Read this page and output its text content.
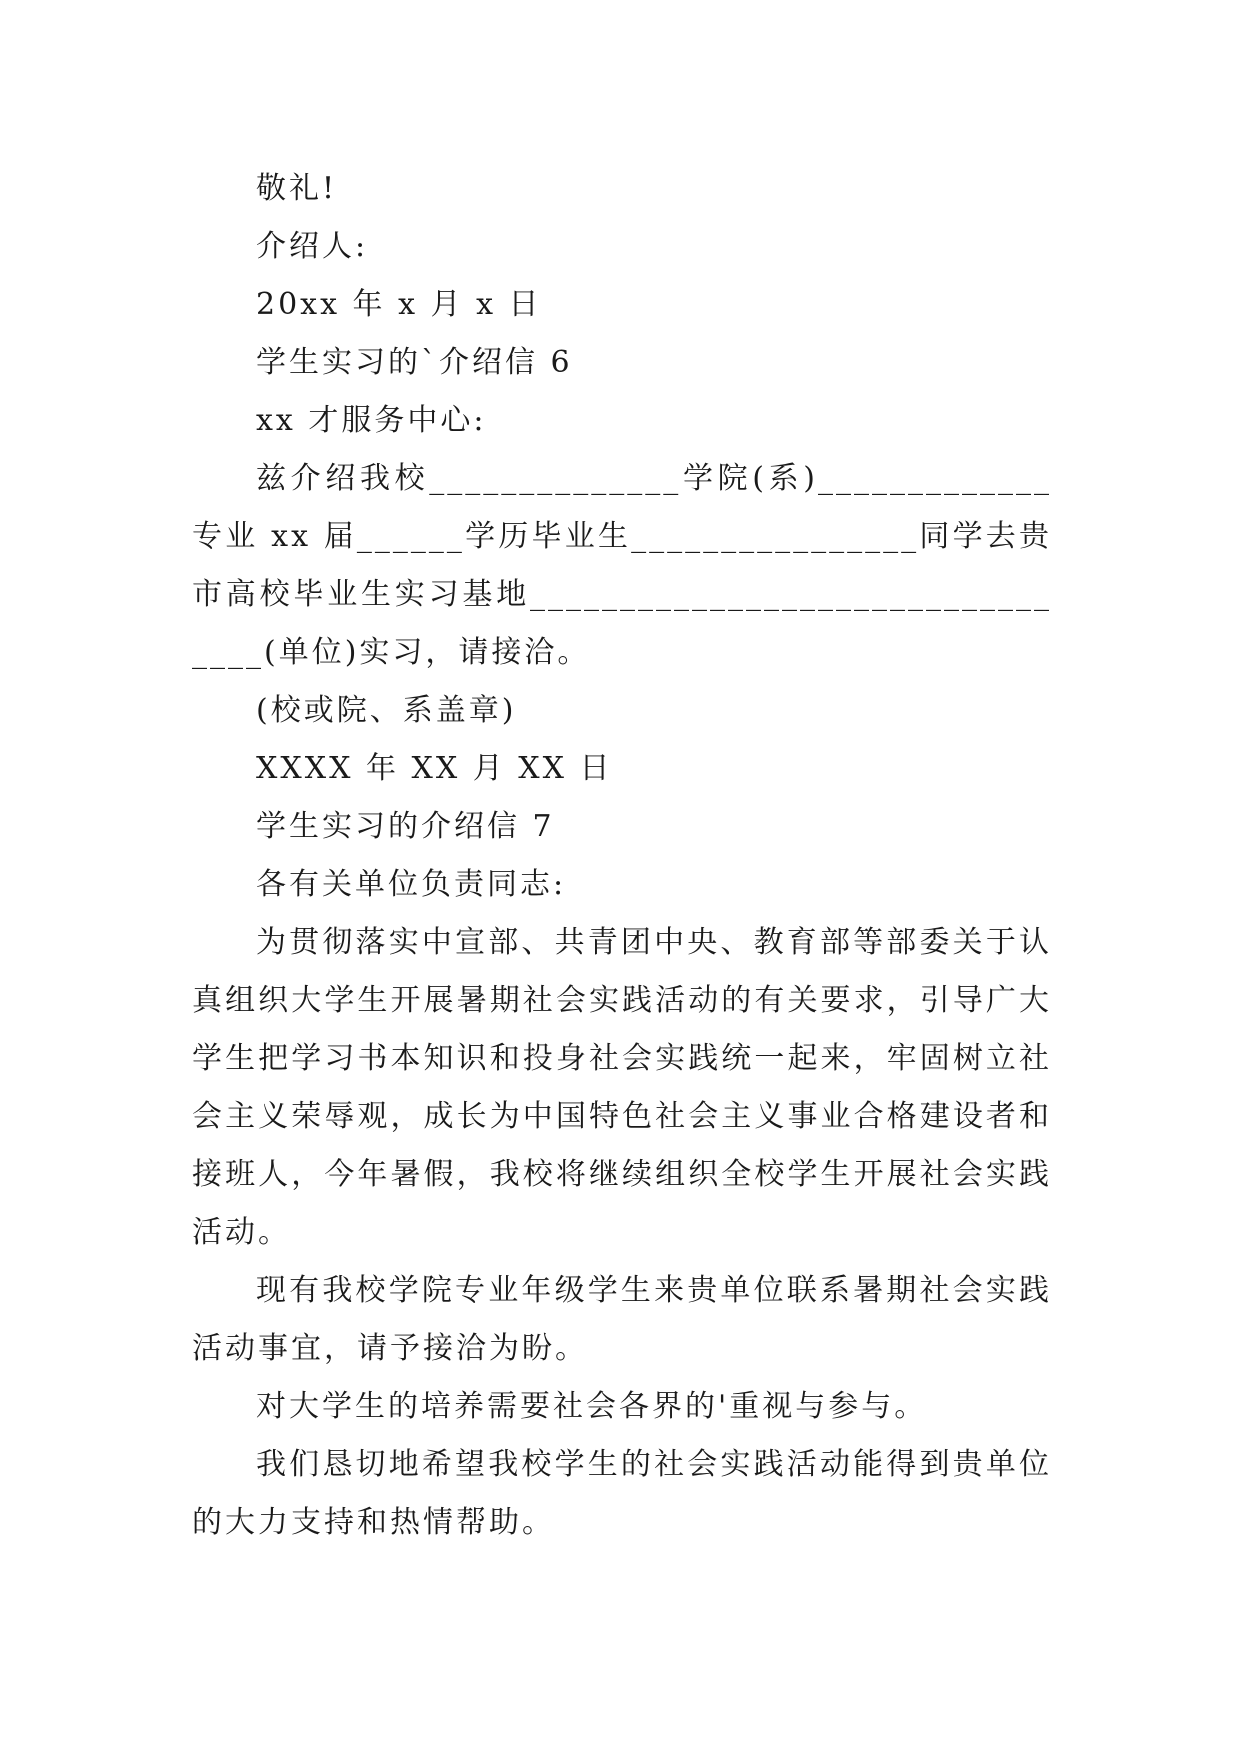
敬礼!

介绍人:

20xx 年 x 月 x 日

学生实习的`介绍信 6

xx 才服务中心:

兹介绍我校______________学院(系)_____________专业 xx 届______学历毕业生________________同学去贵市高校毕业生实习基地_________________________________(单位)实习，请接洽。

(校或院、系盖章)

XXXX 年 XX 月 XX 日

学生实习的介绍信 7

各有关单位负责同志:

为贯彻落实中宣部、共青团中央、教育部等部委关于认真组织大学生开展暑期社会实践活动的有关要求，引导广大学生把学习书本知识和投身社会实践统一起来，牢固树立社会主义荣辱观，成长为中国特色社会主义事业合格建设者和接班人，今年暑假，我校将继续组织全校学生开展社会实践活动。

现有我校学院专业年级学生来贵单位联系暑期社会实践活动事宜，请予接洽为盼。

对大学生的培养需要社会各界的'重视与参与。

我们恳切地希望我校学生的社会实践活动能得到贵单位的大力支持和热情帮助。
